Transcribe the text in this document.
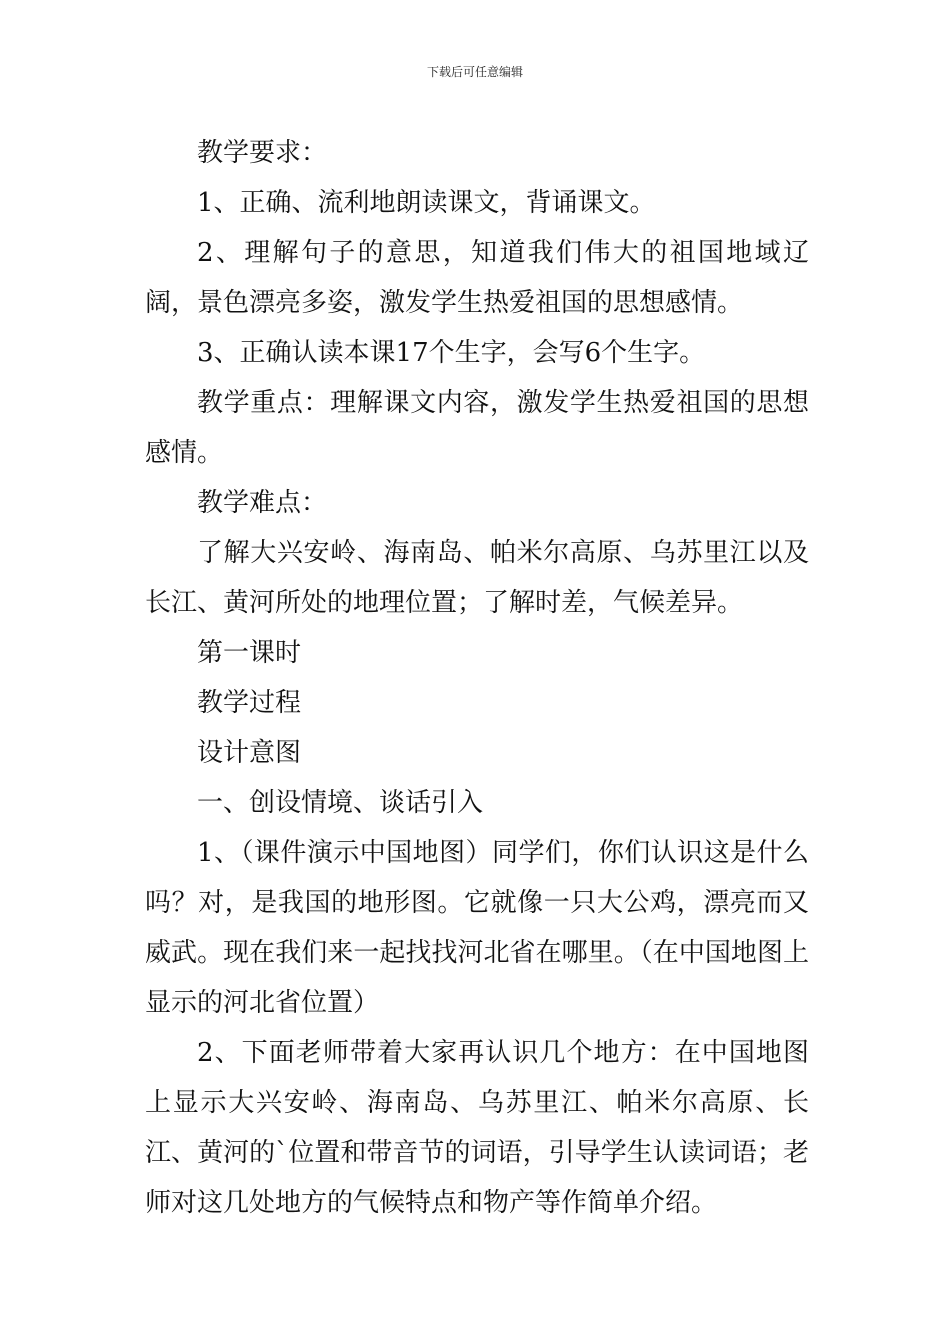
下载后可任意编辑

教学要求：

1、正确、流利地朗读课文，背诵课文。

2、理解句子的意思，知道我们伟大的祖国地域辽阔，景色漂亮多姿，激发学生热爱祖国的思想感情。

3、正确认读本课17个生字，会写6个生字。

教学重点：理解课文内容，激发学生热爱祖国的思想感情。

教学难点：

了解大兴安岭、海南岛、帕米尔高原、乌苏里江以及长江、黄河所处的地理位置；了解时差，气候差异。

第一课时

教学过程

设计意图

一、创设情境、谈话引入

1、（课件演示中国地图）同学们，你们认识这是什么吗？对，是我国的地形图。它就像一只大公鸡，漂亮而又威武。现在我们来一起找找河北省在哪里。（在中国地图上显示的河北省位置）

2、下面老师带着大家再认识几个地方：在中国地图上显示大兴安岭、海南岛、乌苏里江、帕米尔高原、长江、黄河的`位置和带音节的词语，引导学生认读词语；老师对这几处地方的气候特点和物产等作简单介绍。
